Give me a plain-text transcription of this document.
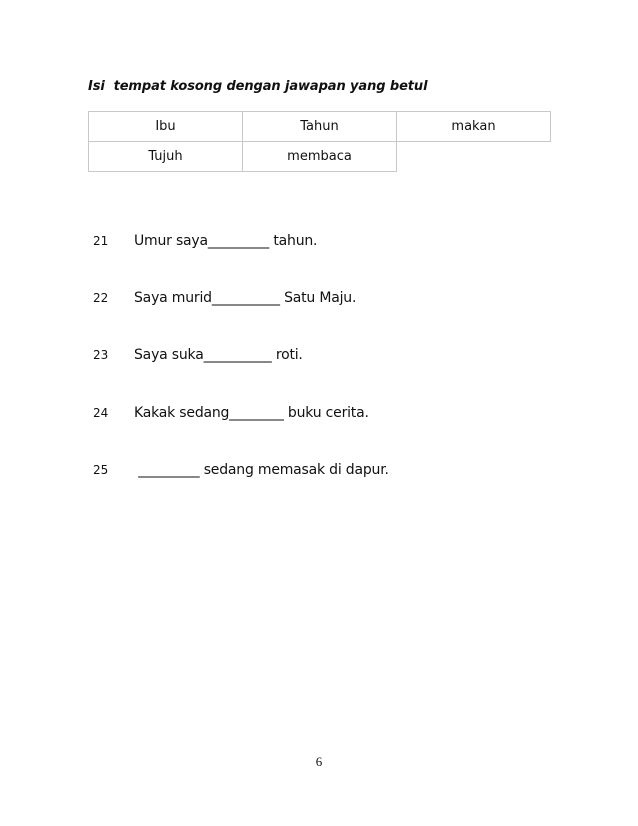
Isi  tempat kosong dengan jawapan yang betul
Ibu	Tahun	makan
Tujuh	membaca	
21 Umur saya_________ tahun.
22 Saya murid__________ Satu Maju.
23 Saya suka__________ roti.
24 Kakak sedang________ buku cerita.
25 _________ sedang memasak di dapur.
6
